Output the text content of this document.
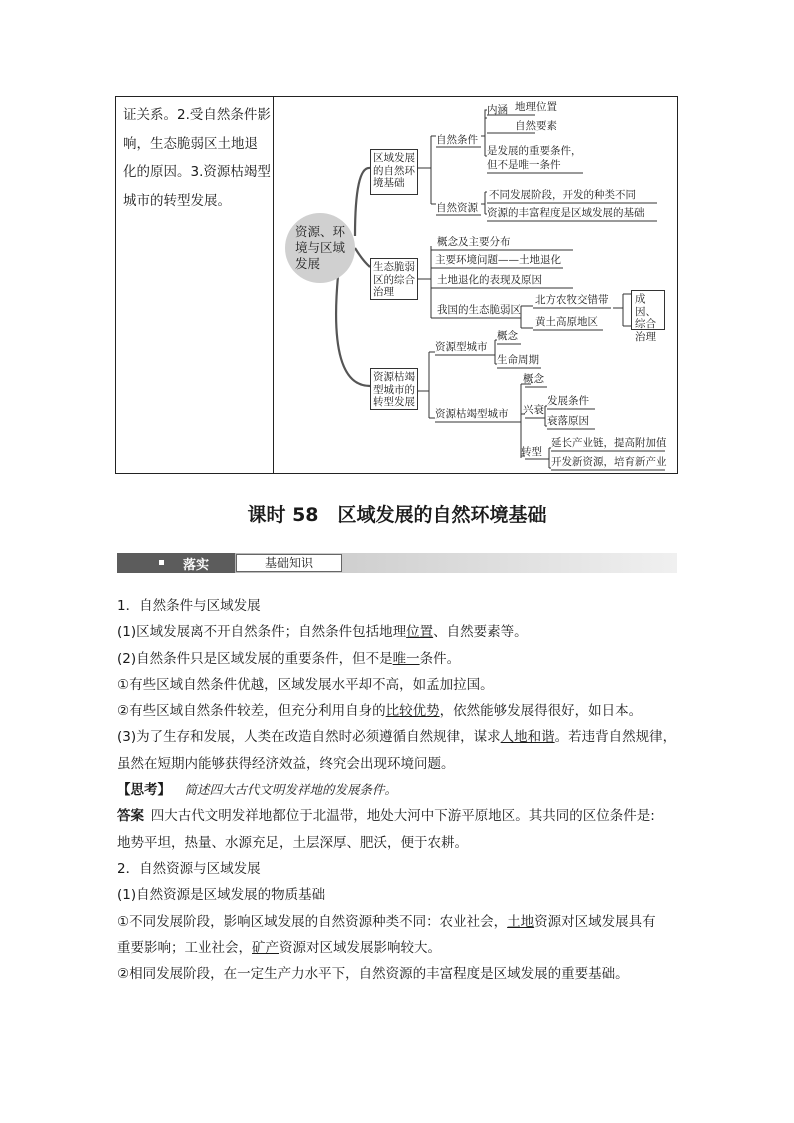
证关系。2.受自然条件影
响，生态脆弱区土地退
化的原因。3.资源枯竭型
城市的转型发展。
资源、环
境与区域
发展
区域发展
的自然环
境基础
自然条件
内涵 地理位置
自然要素
是发展的重要条件，
但不是唯一条件
自然资源
不同发展阶段，开发的种类不同
资源的丰富程度是区域发展的基础
生态脆弱
区的综合
治理
概念及主要分布
主要环境问题——土地退化
土地退化的表现及原因
我国的生态脆弱区
北方农牧交错带
黄土高原地区
成因、
综合
治理
资源枯竭
型城市的
转型发展
资源型城市
概念
生命周期
资源枯竭型城市
概念
兴衰
发展条件
衰落原因
转型
延长产业链，提高附加值
开发新资源，培育新产业
课时 58　区域发展的自然环境基础
落实	基础知识
1．自然条件与区域发展
(1)区域发展离不开自然条件；自然条件包括地理位置、自然要素等。
(2)自然条件只是区域发展的重要条件，但不是唯一条件。
①有些区域自然条件优越，区域发展水平却不高，如孟加拉国。
②有些区域自然条件较差，但充分利用自身的比较优势，依然能够发展得很好，如日本。
(3)为了生存和发展，人类在改造自然时必须遵循自然规律，谋求人地和谐。若违背自然规律，
虽然在短期内能够获得经济效益，终究会出现环境问题。
【思考】  简述四大古代文明发祥地的发展条件。
答案  四大古代文明发祥地都位于北温带，地处大河中下游平原地区。其共同的区位条件是:
地势平坦，热量、水源充足，土层深厚、肥沃，便于农耕。
2．自然资源与区域发展
(1)自然资源是区域发展的物质基础
①不同发展阶段，影响区域发展的自然资源种类不同：农业社会，土地资源对区域发展具有
重要影响；工业社会，矿产资源对区域发展影响较大。
②相同发展阶段，在一定生产力水平下，自然资源的丰富程度是区域发展的重要基础。
